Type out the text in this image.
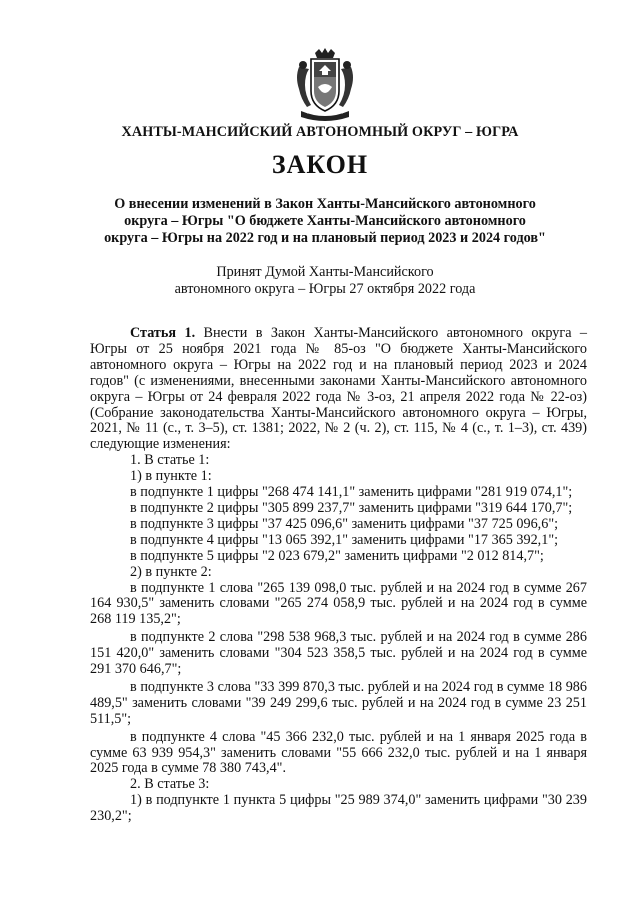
ХАНТЫ-МАНСИЙСКИЙ АВТОНОМНЫЙ ОКРУГ – ЮГРА
ЗАКОН
О внесении изменений в Закон Ханты-Мансийского автономного
округа – Югры "О бюджете Ханты-Мансийского автономного
округа – Югры на 2022 год и на плановый период 2023 и 2024 годов"
Принят Думой Ханты-Мансийского
автономного округа – Югры 27 октября 2022 года

Статья 1. Внести в Закон Ханты-Мансийского автономного округа – Югры от 25 ноября 2021 года № 85-оз "О бюджете Ханты-Мансийского автономного округа – Югры на 2022 год и на плановый период 2023 и 2024 годов" (с изменениями, внесенными законами Ханты-Мансийского автономного округа – Югры от 24 февраля 2022 года № 3-оз, 21 апреля 2022 года № 22-оз) (Собрание законодательства Ханты-Мансийского автономного округа – Югры, 2021, № 11 (с., т. 3–5), ст. 1381; 2022, № 2 (ч. 2), ст. 115, № 4 (с., т. 1–3), ст. 439) следующие изменения:

1. В статье 1:

1) в пункте 1:

в подпункте 1 цифры "268 474 141,1" заменить цифрами "281 919 074,1";

в подпункте 2 цифры "305 899 237,7" заменить цифрами "319 644 170,7";

в подпункте 3 цифры "37 425 096,6" заменить цифрами "37 725 096,6";

в подпункте 4 цифры "13 065 392,1" заменить цифрами "17 365 392,1";

в подпункте 5 цифры "2 023 679,2" заменить цифрами "2 012 814,7";

2) в пункте 2:

в подпункте 1 слова "265 139 098,0 тыс. рублей и на 2024 год в сумме 267 164 930,5" заменить словами "265 274 058,9 тыс. рублей и на 2024 год в сумме 268 119 135,2";

в подпункте 2 слова "298 538 968,3 тыс. рублей и на 2024 год в сумме 286 151 420,0" заменить словами "304 523 358,5 тыс. рублей и на 2024 год в сумме 291 370 646,7";

в подпункте 3 слова "33 399 870,3 тыс. рублей и на 2024 год в сумме 18 986 489,5" заменить словами "39 249 299,6 тыс. рублей и на 2024 год в сумме 23 251 511,5";

в подпункте 4 слова "45 366 232,0 тыс. рублей и на 1 января 2025 года в сумме 63 939 954,3" заменить словами "55 666 232,0 тыс. рублей и на 1 января 2025 года в сумме 78 380 743,4".

2. В статье 3:

1) в подпункте 1 пункта 5 цифры "25 989 374,0" заменить цифрами "30 239 230,2";
